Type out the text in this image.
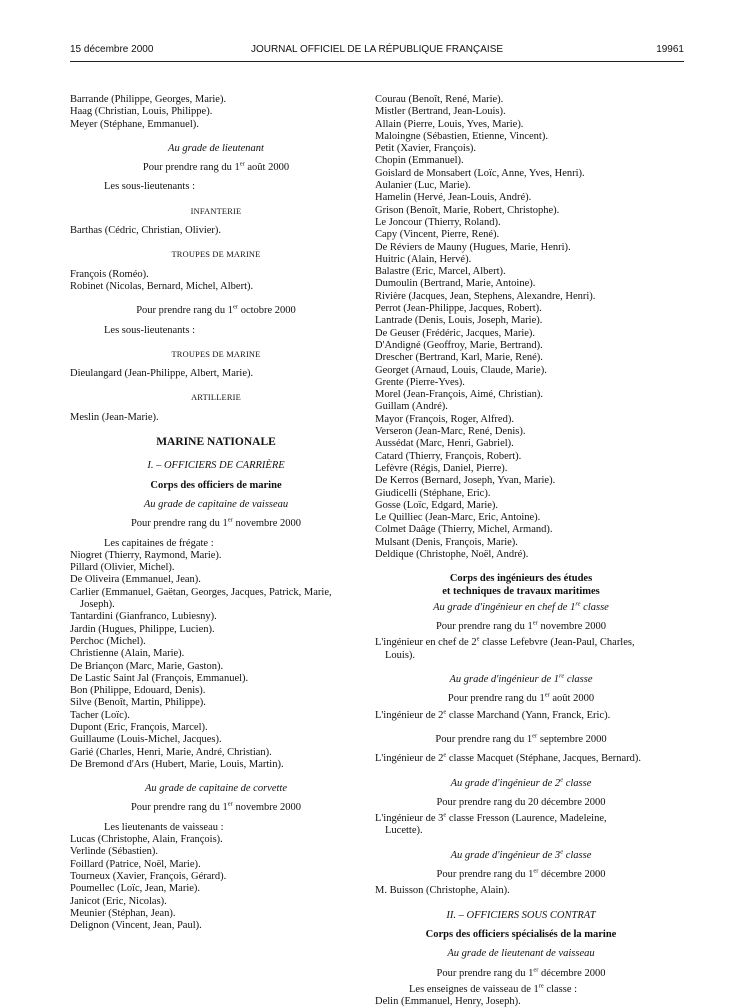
15 décembre 2000	JOURNAL OFFICIEL DE LA RÉPUBLIQUE FRANÇAISE	19961
Barrande (Philippe, Georges, Marie).
Haag (Christian, Louis, Philippe).
Meyer (Stéphane, Emmanuel).
Au grade de lieutenant
Pour prendre rang du 1er août 2000
Les sous-lieutenants :
INFANTERIE
Barthas (Cédric, Christian, Olivier).
TROUPES DE MARINE
François (Roméo).
Robinet (Nicolas, Bernard, Michel, Albert).
Pour prendre rang du 1er octobre 2000
Les sous-lieutenants :
TROUPES DE MARINE
Dieulangard (Jean-Philippe, Albert, Marie).
ARTILLERIE
Meslin (Jean-Marie).
MARINE NATIONALE
I. – OFFICIERS DE CARRIÈRE
Corps des officiers de marine
Au grade de capitaine de vaisseau
Pour prendre rang du 1er novembre 2000
Les capitaines de frégate :
Niogret (Thierry, Raymond, Marie).
Pillard (Olivier, Michel).
De Oliveira (Emmanuel, Jean).
Carlier (Emmanuel, Gaëtan, Georges, Jacques, Patrick, Marie,
Joseph).
Tantardini (Gianfranco, Lubiesny).
Jardin (Hugues, Philippe, Lucien).
Perchoc (Michel).
Christienne (Alain, Marie).
De Briançon (Marc, Marie, Gaston).
De Lastic Saint Jal (François, Emmanuel).
Bon (Philippe, Edouard, Denis).
Silve (Benoît, Martin, Philippe).
Tacher (Loïc).
Dupont (Eric, François, Marcel).
Guillaume (Louis-Michel, Jacques).
Garié (Charles, Henri, Marie, André, Christian).
De Bremond d'Ars (Hubert, Marie, Louis, Martin).
Au grade de capitaine de corvette
Pour prendre rang du 1er novembre 2000
Les lieutenants de vaisseau :
Lucas (Christophe, Alain, François).
Verlinde (Sébastien).
Foillard (Patrice, Noël, Marie).
Tourneux (Xavier, François, Gérard).
Poumellec (Loïc, Jean, Marie).
Janicot (Eric, Nicolas).
Meunier (Stéphan, Jean).
Delignon (Vincent, Jean, Paul).
Courau (Benoît, René, Marie).
Mistler (Bertrand, Jean-Louis).
Allain (Pierre, Louis, Yves, Marie).
Maloingne (Sébastien, Etienne, Vincent).
Petit (Xavier, François).
Chopin (Emmanuel).
Goislard de Monsabert (Loïc, Anne, Yves, Henri).
Aulanier (Luc, Marie).
Hamelin (Hervé, Jean-Louis, André).
Grison (Benoît, Marie, Robert, Christophe).
Le Joncour (Thierry, Roland).
Capy (Vincent, Pierre, René).
De Réviers de Mauny (Hugues, Marie, Henri).
Huitric (Alain, Hervé).
Balastre (Eric, Marcel, Albert).
Dumoulin (Bertrand, Marie, Antoine).
Rivière (Jacques, Jean, Stephens, Alexandre, Henri).
Perrot (Jean-Philippe, Jacques, Robert).
Lantrade (Denis, Louis, Joseph, Marie).
De Geuser (Frédéric, Jacques, Marie).
D'Andigné (Geoffroy, Marie, Bertrand).
Drescher (Bertrand, Karl, Marie, René).
Georget (Arnaud, Louis, Claude, Marie).
Grente (Pierre-Yves).
Morel (Jean-François, Aimé, Christian).
Guillam (André).
Mayor (François, Roger, Alfred).
Verseron (Jean-Marc, René, Denis).
Aussédat (Marc, Henri, Gabriel).
Catard (Thierry, François, Robert).
Lefèvre (Régis, Daniel, Pierre).
De Kerros (Bernard, Joseph, Yvan, Marie).
Giudicelli (Stéphane, Eric).
Gosse (Loïc, Edgard, Marie).
Le Quilliec (Jean-Marc, Eric, Antoine).
Colmet Daâge (Thierry, Michel, Armand).
Mulsant (Denis, François, Marie).
Deldique (Christophe, Noël, André).
Corps des ingénieurs des études
et techniques de travaux maritimes
Au grade d'ingénieur en chef de 1re classe
Pour prendre rang du 1er novembre 2000
L'ingénieur en chef de 2e classe Lefebvre (Jean-Paul, Charles,
Louis).
Au grade d'ingénieur de 1re classe
Pour prendre rang du 1er août 2000
L'ingénieur de 2e classe Marchand (Yann, Franck, Eric).
Pour prendre rang du 1er septembre 2000
L'ingénieur de 2e classe Macquet (Stéphane, Jacques, Bernard).
Au grade d'ingénieur de 2e classe
Pour prendre rang du 20 décembre 2000
L'ingénieur de 3e classe Fresson (Laurence, Madeleine,
Lucette).
Au grade d'ingénieur de 3e classe
Pour prendre rang du 1er décembre 2000
M. Buisson (Christophe, Alain).
II. – OFFICIERS SOUS CONTRAT
Corps des officiers spécialisés de la marine
Au grade de lieutenant de vaisseau
Pour prendre rang du 1er décembre 2000
Les enseignes de vaisseau de 1re classe :
Delin (Emmanuel, Henry, Joseph).
